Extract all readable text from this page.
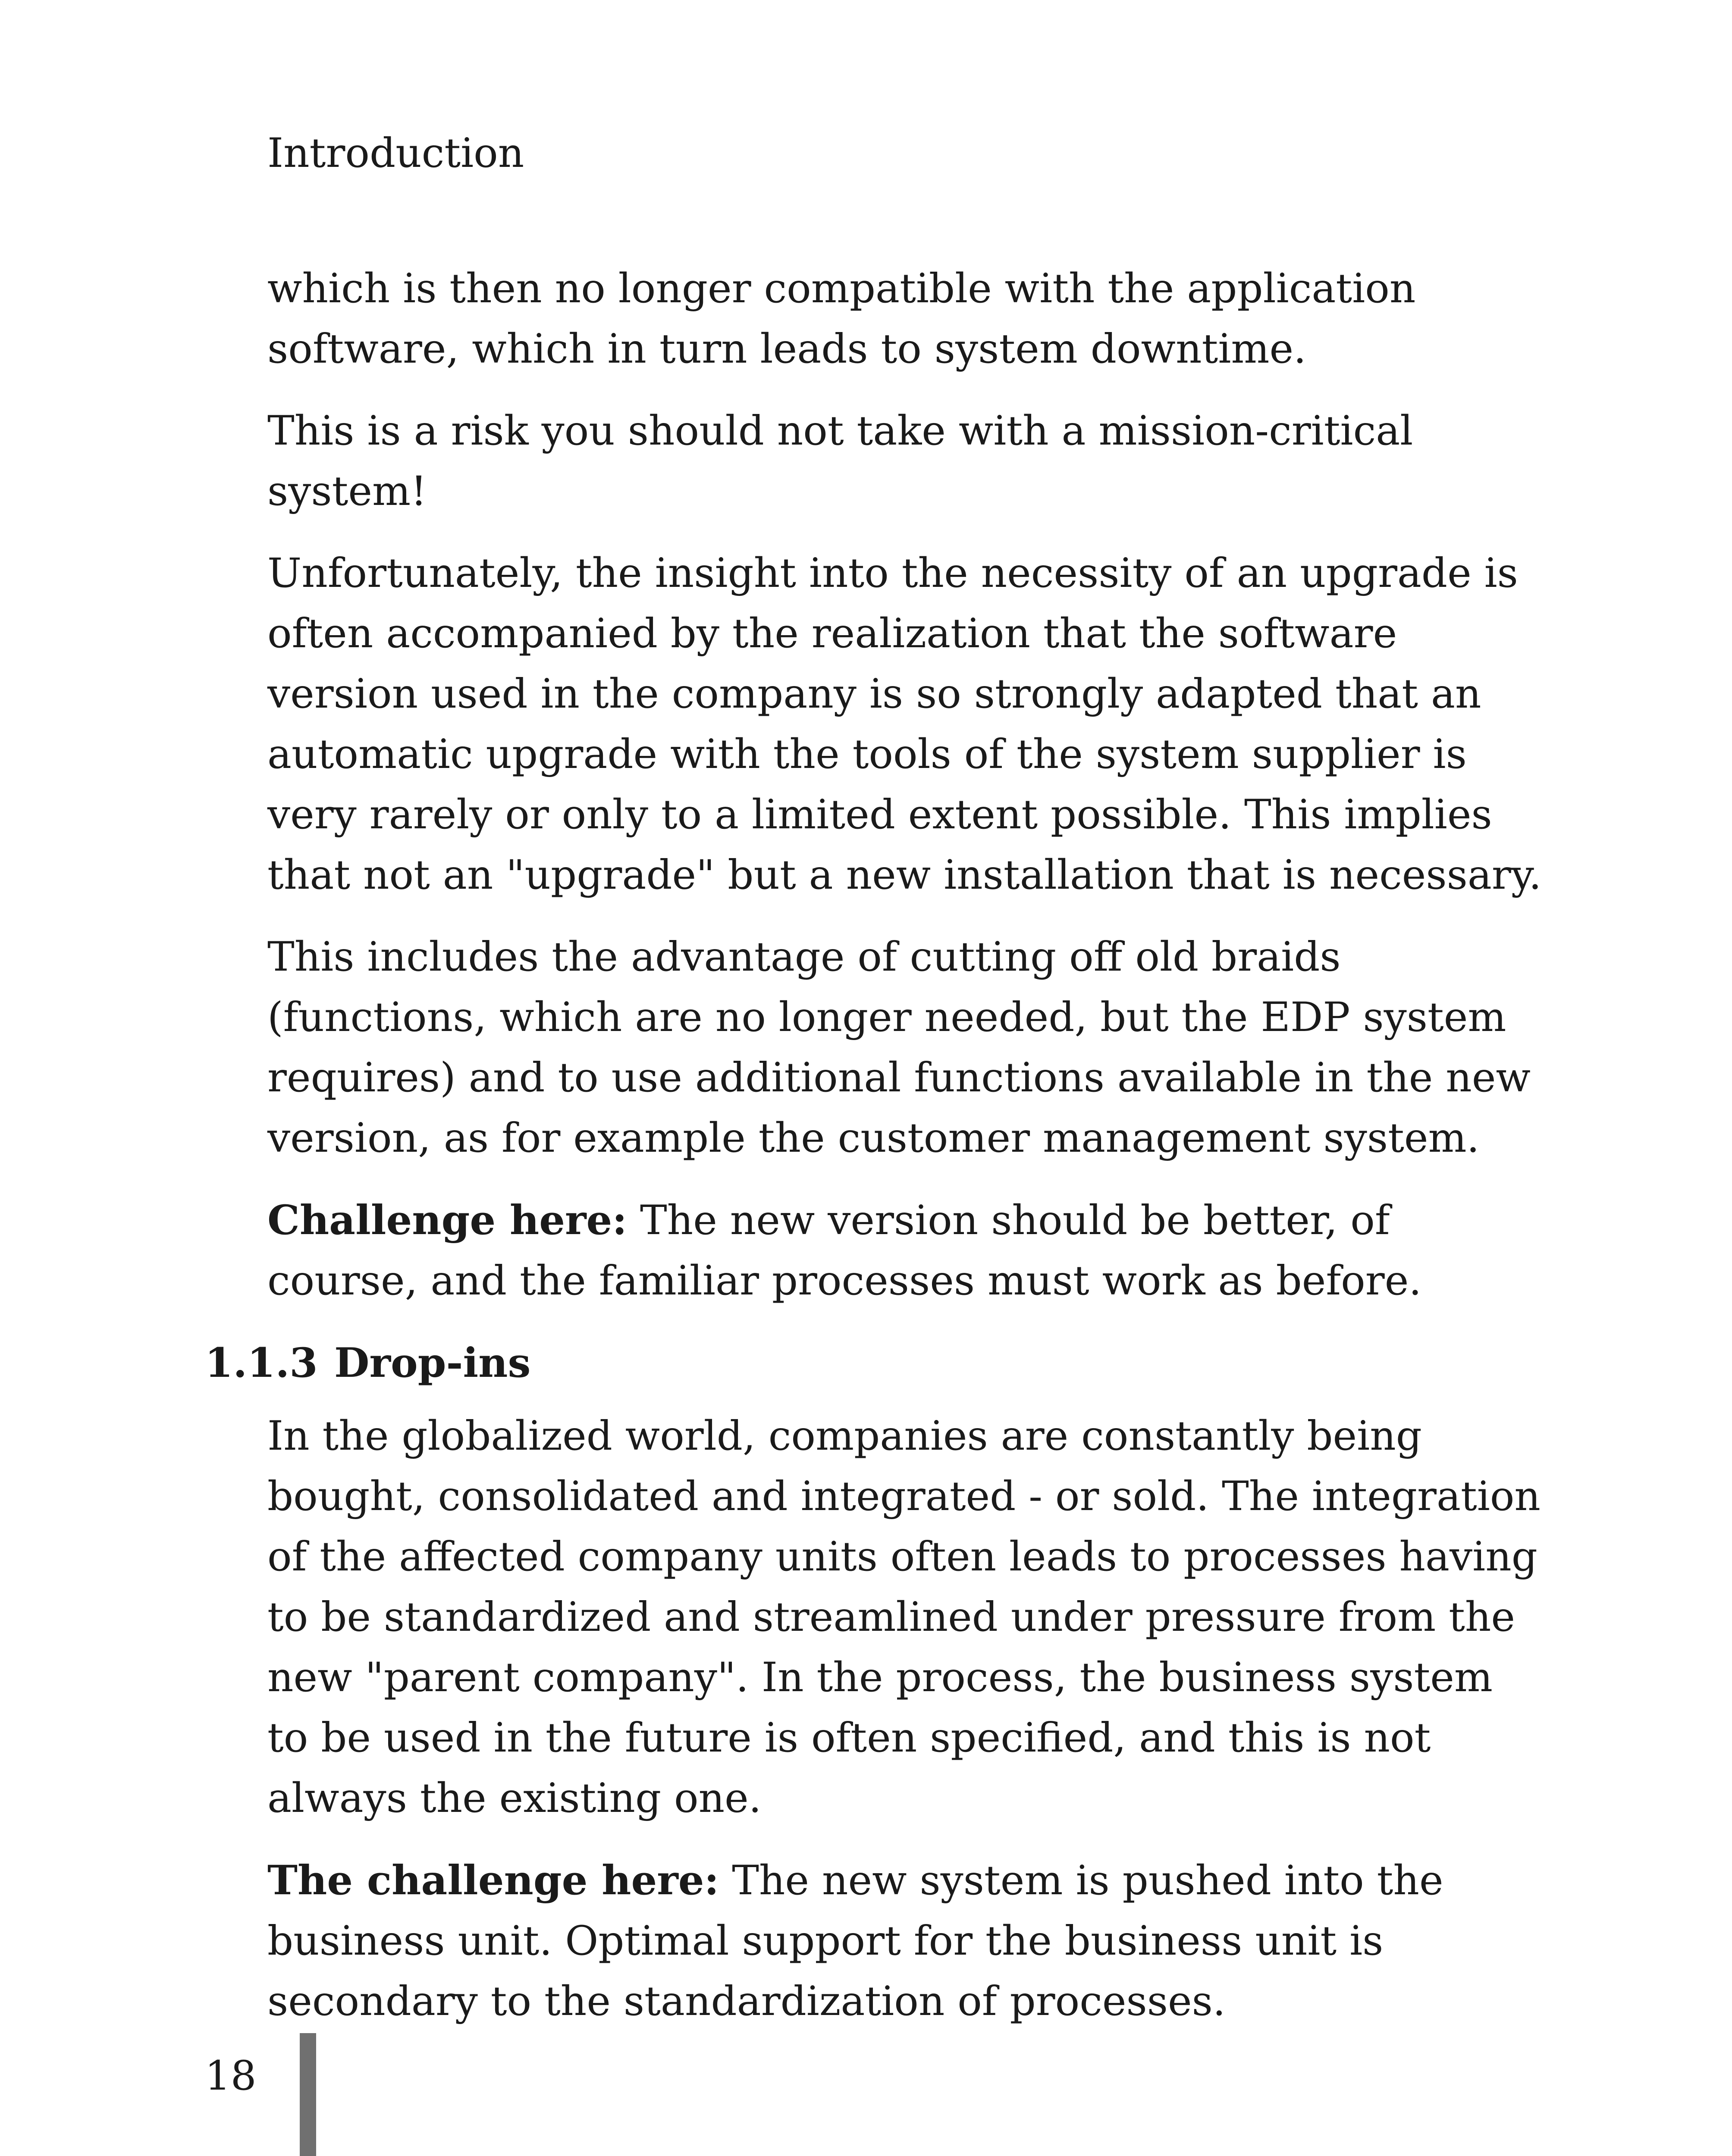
Introduction

which is then no longer compatible with the application software, which in turn leads to system downtime.

This is a risk you should not take with a mission-critical system!

Unfortunately, the insight into the necessity of an upgrade is often accompanied by the realization that the software version used in the company is so strongly adapted that an automatic upgrade with the tools of the system supplier is very rarely or only to a limited extent possible. This implies that not an "upgrade" but a new installation that is necessary.

This includes the advantage of cutting off old braids (functions, which are no longer needed, but the EDP system requires) and to use additional functions available in the new version, as for example the customer management system.

Challenge here: The new version should be better, of course, and the familiar processes must work as before.

1.1.3 Drop-ins

In the globalized world, companies are constantly being bought, consolidated and integrated - or sold. The integration of the affected company units often leads to processes having to be standardized and streamlined under pressure from the new "parent company". In the process, the business system to be used in the future is often specified, and this is not always the existing one.

The challenge here: The new system is pushed into the business unit. Optimal support for the business unit is secondary to the standardization of processes.

18
